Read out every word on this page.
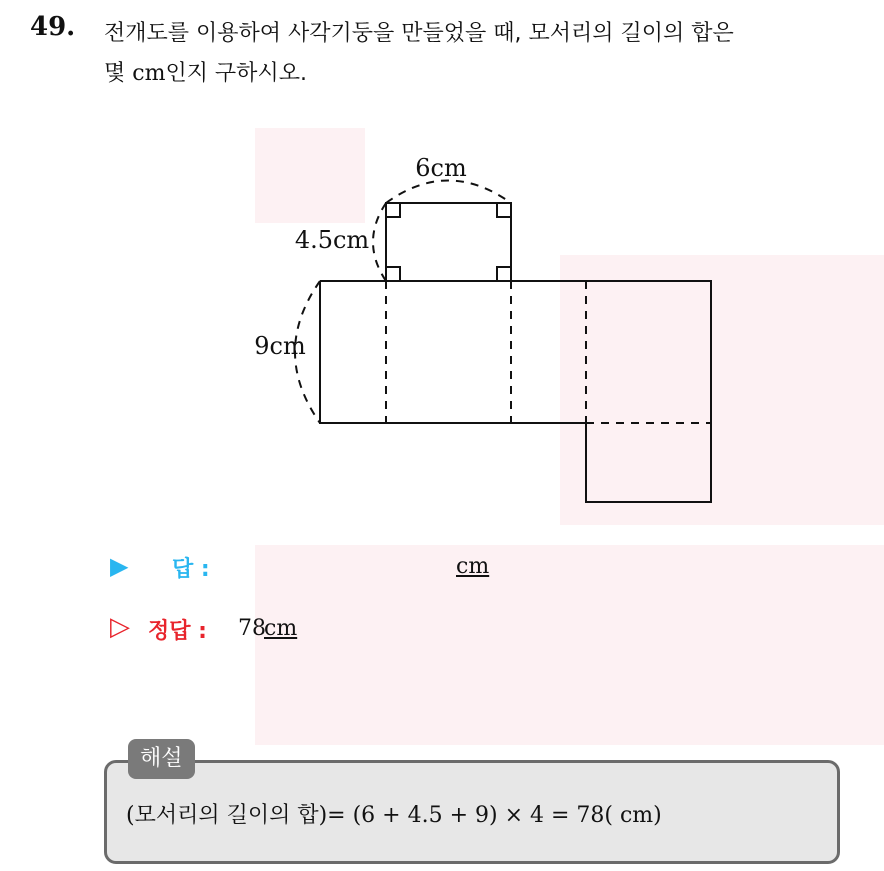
49. 전개도를 이용하여 사각기둥을 만들었을 때, 모서리의 길이의 합은
몇 cm인지 구하시오.
6cm
4.5cm
9cm
▶ 답 :	cm
▷ 정답 : 78
cm
해설
(모서리의 길이의 합)= (6 + 4.5 + 9) × 4 = 78( cm)
